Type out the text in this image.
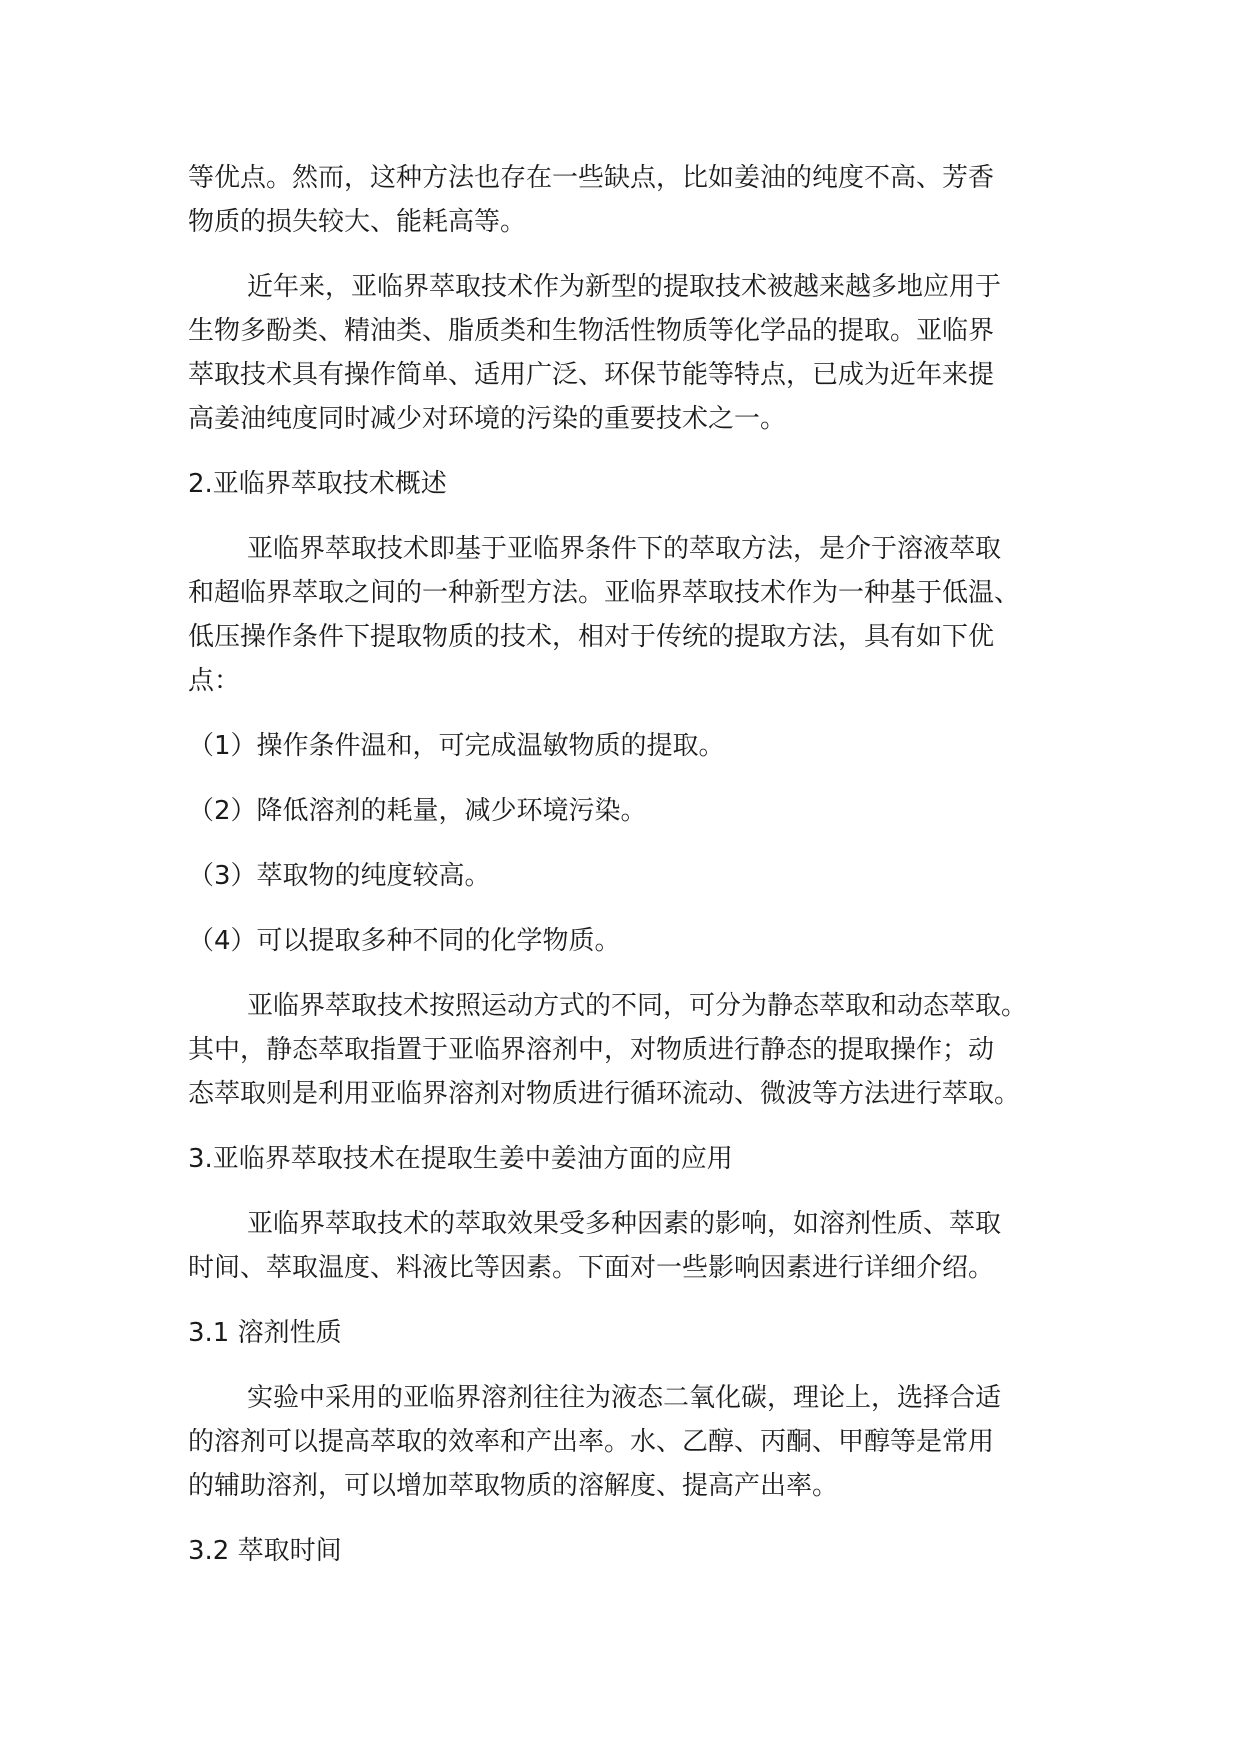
等优点。然而，这种方法也存在一些缺点，比如姜油的纯度不高、芳香
物质的损失较大、能耗高等。

近年来，亚临界萃取技术作为新型的提取技术被越来越多地应用于
生物多酚类、精油类、脂质类和生物活性物质等化学品的提取。亚临界
萃取技术具有操作简单、适用广泛、环保节能等特点，已成为近年来提
高姜油纯度同时减少对环境的污染的重要技术之一。

2.亚临界萃取技术概述

亚临界萃取技术即基于亚临界条件下的萃取方法，是介于溶液萃取
和超临界萃取之间的一种新型方法。亚临界萃取技术作为一种基于低温、
低压操作条件下提取物质的技术，相对于传统的提取方法，具有如下优
点：

（1）操作条件温和，可完成温敏物质的提取。

（2）降低溶剂的耗量，减少环境污染。

（3）萃取物的纯度较高。

（4）可以提取多种不同的化学物质。

亚临界萃取技术按照运动方式的不同，可分为静态萃取和动态萃取。
其中，静态萃取指置于亚临界溶剂中，对物质进行静态的提取操作；动
态萃取则是利用亚临界溶剂对物质进行循环流动、微波等方法进行萃取。

3.亚临界萃取技术在提取生姜中姜油方面的应用

亚临界萃取技术的萃取效果受多种因素的影响，如溶剂性质、萃取
时间、萃取温度、料液比等因素。下面对一些影响因素进行详细介绍。

3.1 溶剂性质

实验中采用的亚临界溶剂往往为液态二氧化碳，理论上，选择合适
的溶剂可以提高萃取的效率和产出率。水、乙醇、丙酮、甲醇等是常用
的辅助溶剂，可以增加萃取物质的溶解度、提高产出率。

3.2 萃取时间
